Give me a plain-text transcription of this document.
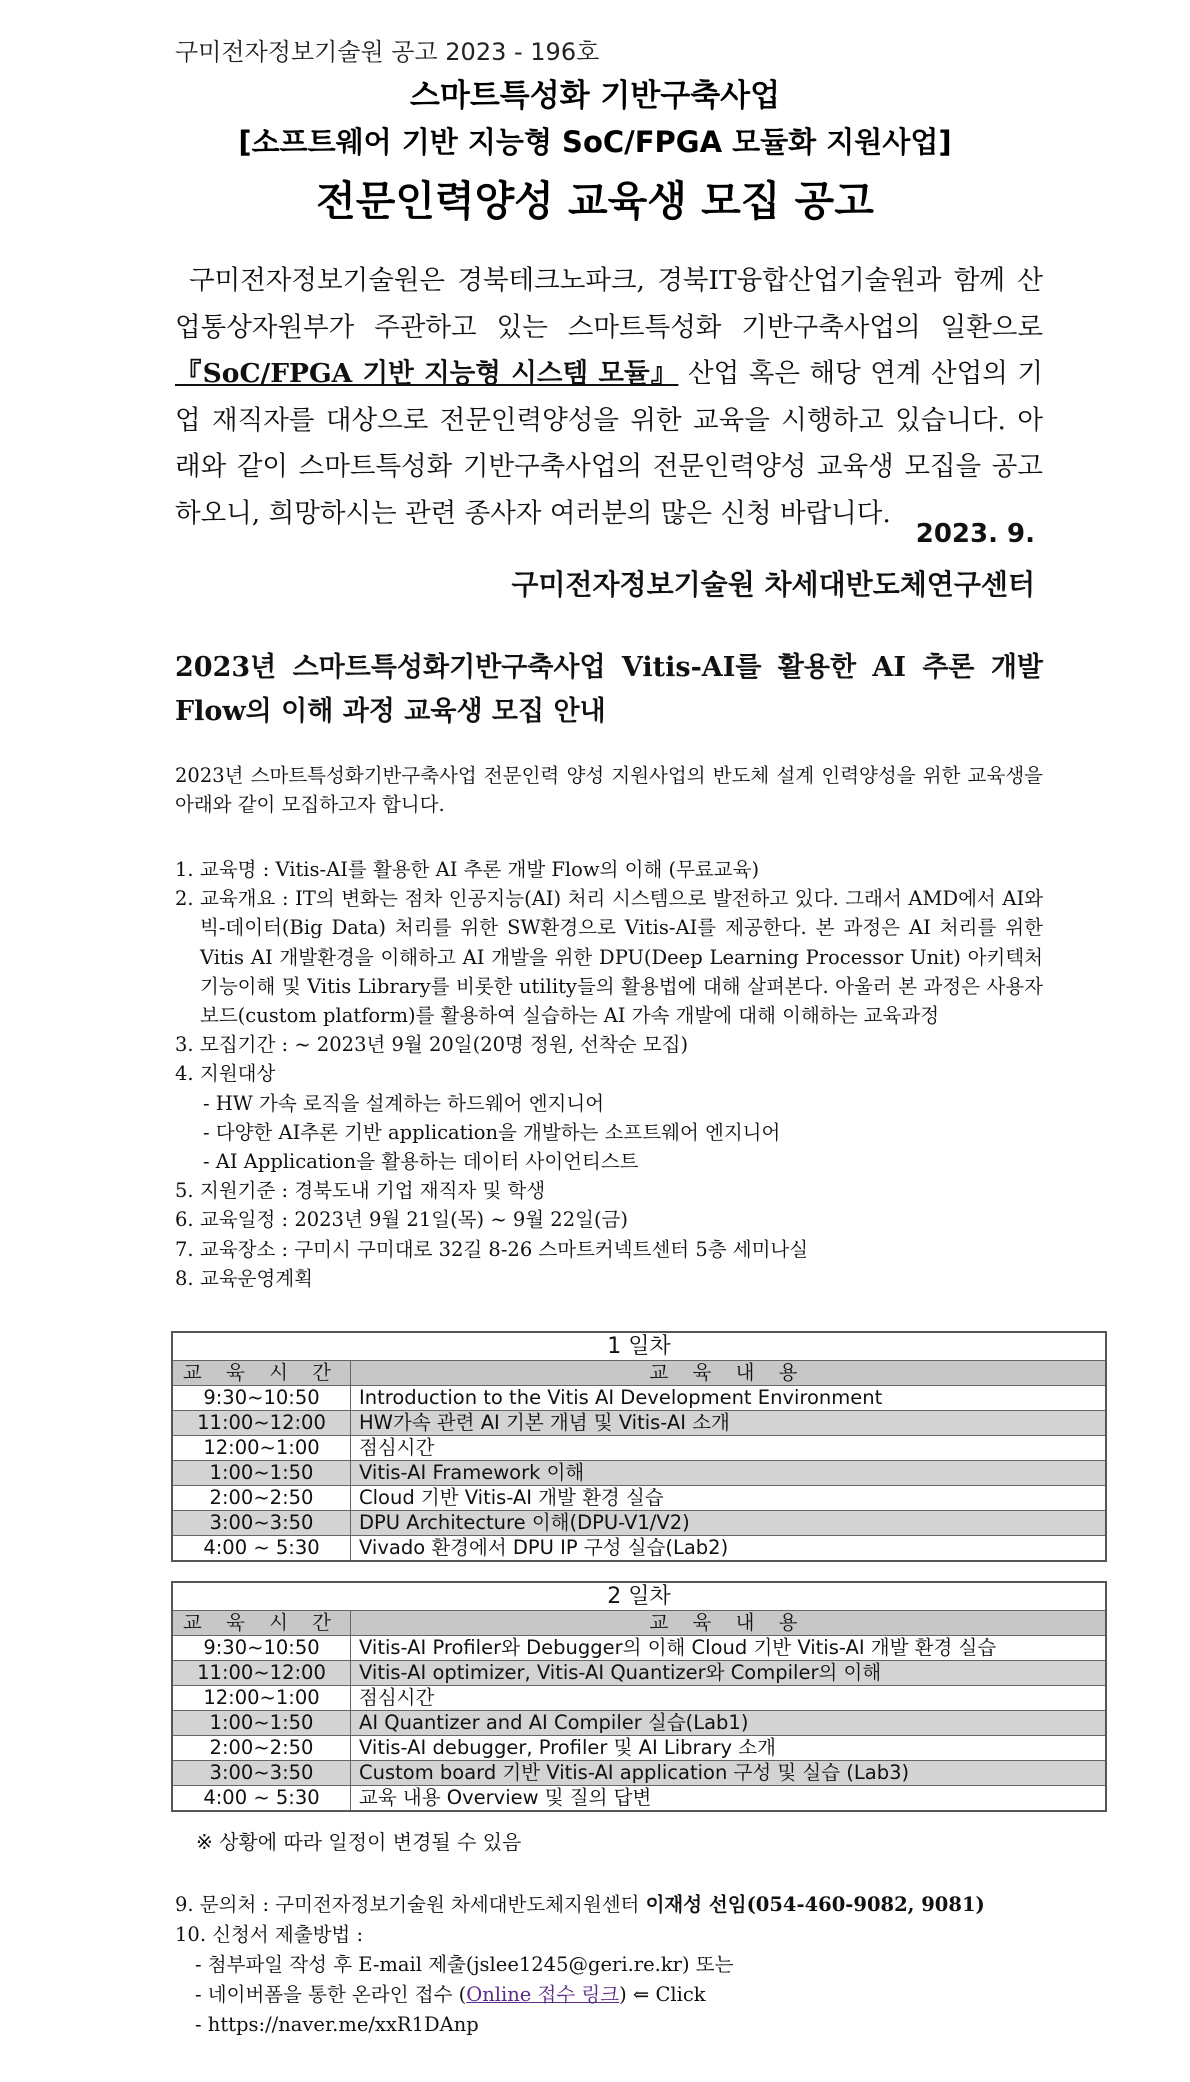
구미전자정보기술원 공고 2023 - 196호
스마트특성화 기반구축사업
[소프트웨어 기반 지능형 SoC/FPGA 모듈화 지원사업]
전문인력양성 교육생 모집 공고

구미전자정보기술원은 경북테크노파크, 경북IT융합산업기술원과 함께 산업통상자원부가 주관하고 있는 스마트특성화 기반구축사업의 일환으로 『SoC/FPGA 기반 지능형 시스템 모듈』 산업 혹은 해당 연계 산업의 기업 재직자를 대상으로 전문인력양성을 위한 교육을 시행하고 있습니다. 아래와 같이 스마트특성화 기반구축사업의 전문인력양성 교육생 모집을 공고하오니, 희망하시는 관련 종사자 여러분의 많은 신청 바랍니다.

2023. 9.
구미전자정보기술원 차세대반도체연구센터
2023년 스마트특성화기반구축사업 Vitis-AI를 활용한 AI 추론 개발 Flow의 이해 과정 교육생 모집 안내
2023년 스마트특성화기반구축사업 전문인력 양성 지원사업의 반도체 설계 인력양성을 위한 교육생을 아래와 같이 모집하고자 합니다.
1. 교육명 : Vitis-AI를 활용한 AI 추론 개발 Flow의 이해 (무료교육)
2. 교육개요 : IT의 변화는 점차 인공지능(AI) 처리 시스템으로 발전하고 있다. 그래서 AMD에서 AI와 빅-데이터(Big Data) 처리를 위한 SW환경으로 Vitis-AI를 제공한다. 본 과정은 AI 처리를 위한Vitis AI 개발환경을 이해하고 AI 개발을 위한 DPU(Deep Learning Processor Unit) 아키텍처 기능이해 및 Vitis Library를 비롯한 utility들의 활용법에 대해 살펴본다. 아울러 본 과정은 사용자 보드(custom platform)를 활용하여 실습하는 AI 가속 개발에 대해 이해하는 교육과정
3. 모집기간 : ~ 2023년 9월 20일(20명 정원, 선착순 모집)
4. 지원대상
- HW 가속 로직을 설계하는 하드웨어 엔지니어
- 다양한 AI추론 기반 application을 개발하는 소프트웨어 엔지니어
- AI Application을 활용하는 데이터 사이언티스트
5. 지원기준 : 경북도내 기업 재직자 및 학생
6. 교육일정 : 2023년 9월 21일(목) ~ 9월 22일(금)
7. 교육장소 : 구미시 구미대로 32길 8-26 스마트커넥트센터 5층 세미나실
8. 교육운영계획
1 일차	
교 육 시 간	교 육 내 용
9:30~10:50	Introduction to the Vitis AI Development Environment
11:00~12:00	HW가속 관련 AI 기본 개념 및 Vitis-AI 소개
12:00~1:00	점심시간
1:00~1:50	Vitis-AI Framework 이해
2:00~2:50	Cloud 기반 Vitis-AI 개발 환경 실습
3:00~3:50	DPU Architecture 이해(DPU-V1/V2)
4:00 ~ 5:30	Vivado 환경에서 DPU IP 구성 실습(Lab2)
2 일차	
교 육 시 간	교 육 내 용
9:30~10:50	Vitis-AI Profiler와 Debugger의 이해 Cloud 기반 Vitis-AI 개발 환경 실습
11:00~12:00	Vitis-AI optimizer, Vitis-AI Quantizer와 Compiler의 이해
12:00~1:00	점심시간
1:00~1:50	AI Quantizer and AI Compiler 실습(Lab1)
2:00~2:50	Vitis-AI debugger, Profiler 및 AI Library 소개
3:00~3:50	Custom board 기반 Vitis-AI application 구성 및 실습 (Lab3)
4:00 ~ 5:30	교육 내용 Overview 및 질의 답변
※ 상황에 따라 일정이 변경될 수 있음
9. 문의처 : 구미전자정보기술원 차세대반도체지원센터 이재성 선임(054-460-9082, 9081)
10. 신청서 제출방법 :
- 첨부파일 작성 후 E-mail 제출(jslee1245@geri.re.kr) 또는
- 네이버폼을 통한 온라인 접수 (Online 접수 링크) ⇐ Click
- https://naver.me/xxR1DAnp
